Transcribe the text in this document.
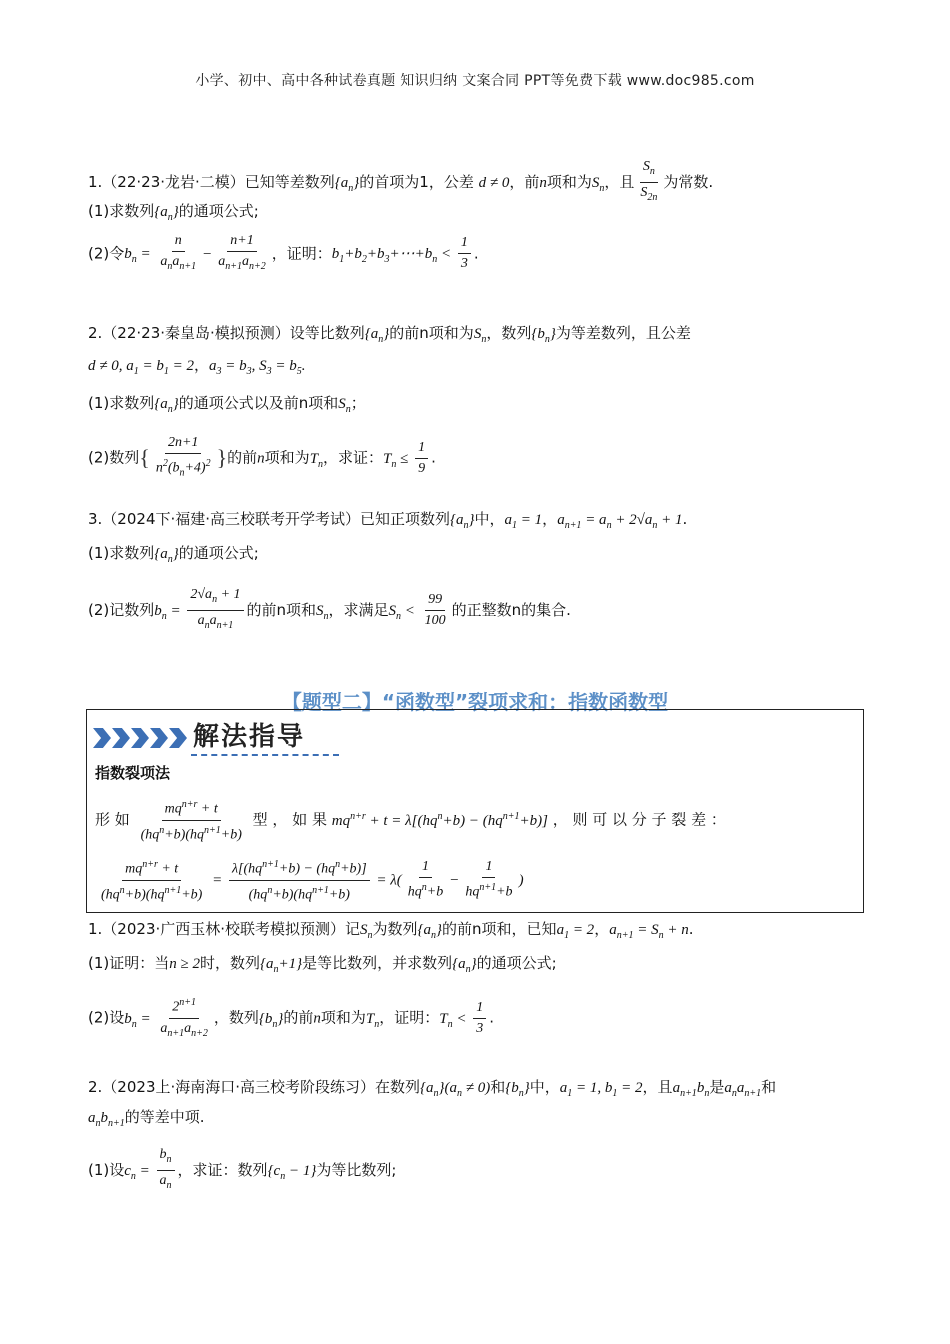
小学、初中、高中各种试卷真题 知识归纳 文案合同 PPT等免费下载 www.doc985.com
1.（22·23·龙岩·二模）已知等差数列$\{a_n\}$的首项为1，公差 d ≠ 0，前n项和为$S_n$，且 $\frac{S_n}{S_{2n}}$ 为常数.
(1)求数列$\{a_n\}$的通项公式;
(2)令$b_n = \frac{n}{a_na_{n+1}} - \frac{n+1}{a_{n+1}a_{n+2}}$ ，证明：$b_1+b_2+b_3+\cdots+b_n < \frac{1}{3}$ .
2.（22·23·秦皇岛·模拟预测）设等比数列$\{a_n\}$的前n项和为$S_n$，数列$\{b_n\}$为等差数列，且公差
d ≠ 0, $a_1 = b_1 = 2$，$a_3 = b_3$, $S_3 = b_5$.
(1)求数列$\{a_n\}$的通项公式以及前n项和$S_n$；
(2)数列{ $\frac{2n+1}{n^2(b_n+4)^2}$ }的前n项和为$T_n$，求证：$T_n \le \frac{1}{9}$ .
3.（2024下·福建·高三校联考开学考试）已知正项数列$\{a_n\}$中，$a_1 = 1$，$a_{n+1} = a_n + 2√a_n + 1$.
(1)求数列$\{a_n\}$的通项公式;
(2)记数列$b_n = \frac{2√a_n + 1}{a_na_{n+1}}$ 的前n项和$S_n$，求满足$S_n < \frac{99}{100}$ 的正整数n的集合.
【题型二】“函数型”裂项求和：指数函数型
解法指导
指数裂项法
形 如 $\frac{mq^{n+r} + t}{(hq^n+b)(hq^{n+1}+b)}$ 型 ， 如 果 $mq^{n+r} + t = \lambda[(hq^n+b) - (hq^{n+1}+b)]$ ， 则 可 以 分 子 裂 差 ：
$\frac{mq^{n+r} + t}{(hq^n+b)(hq^{n+1}+b)} = \frac{\lambda[(hq^{n+1}+b) - (hq^n+b)]}{(hq^n+b)(hq^{n+1}+b)} = \lambda( \frac{1}{hq^n+b} - \frac{1}{hq^{n+1}+b}$ )
1.（2023·广西玉林·校联考模拟预测）记$S_n$为数列$\{a_n\}$的前n项和，已知$a_1 = 2$，$a_{n+1} = S_n + n$.
(1)证明：当n ≥ 2时，数列$\{a_n+1\}$是等比数列，并求数列$\{a_n\}$的通项公式;
(2)设$b_n = \frac{2^{n+1}}{a_{n+1}a_{n+2}}$ ，数列$\{b_n\}$的前n项和为$T_n$，证明：$T_n < \frac{1}{3}$ .
2.（2023上·海南海口·高三校考阶段练习）在数列$\{a_n\}(a_n \ne 0)$和$\{b_n\}$中，$a_1 = 1$, $b_1 = 2$，且$a_{n+1}b_n$是$a_na_{n+1}$和
$a_nb_{n+1}$的等差中项.
(1)设$c_n = \frac{b_n}{a_n}$ ，求证：数列$\{c_n - 1\}$为等比数列;
